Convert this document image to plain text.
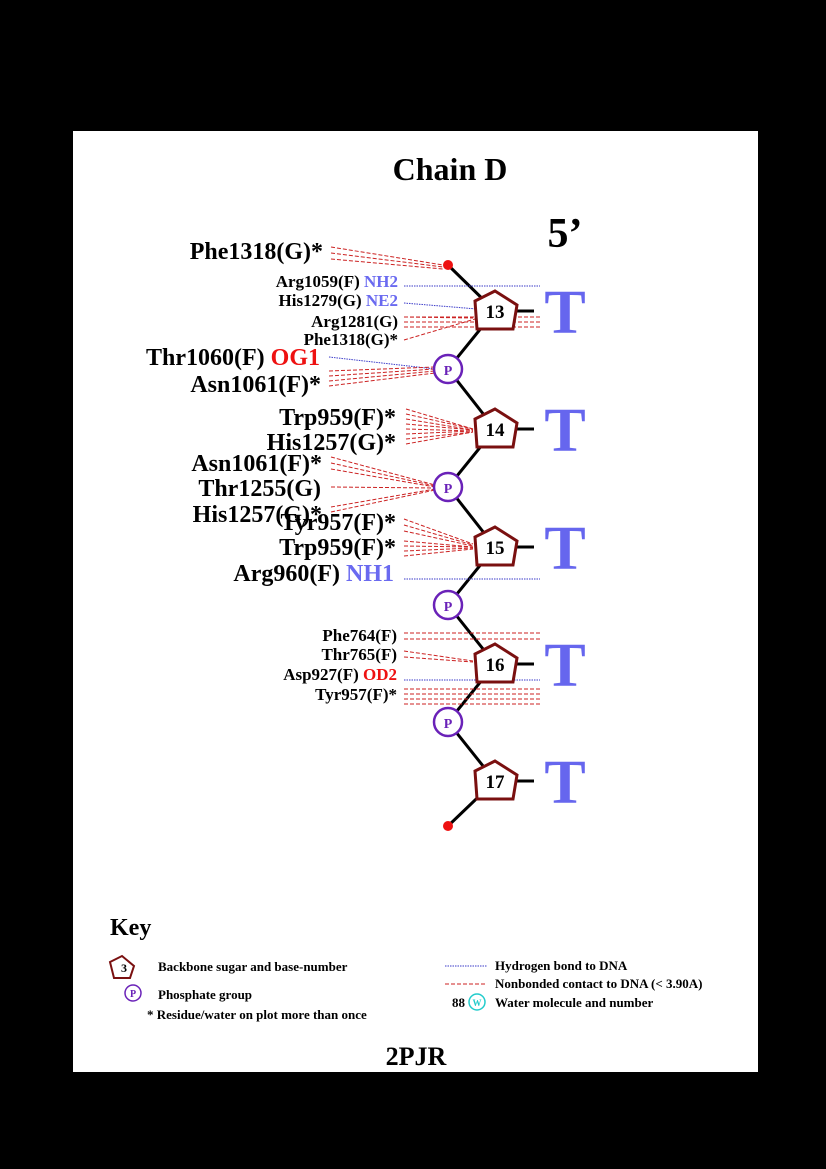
Chain D
5’
13
14
15
16
17
P
P
P
P
T
T
T
T
T
Phe1318(G)*
Arg1059(F) NH2
His1279(G) NE2
Arg1281(G)
Phe1318(G)*
Thr1060(F) OG1
Asn1061(F)*
Trp959(F)*
His1257(G)*
Asn1061(F)*
Thr1255(G)
His1257(G)*
Tyr957(F)*
Trp959(F)*
Arg960(F) NH1
Phe764(F)
Thr765(F)
Asp927(F) OD2
Tyr957(F)*
Key
3 Backbone sugar and base-number
P Phosphate group
* Residue/water on plot more than once
Hydrogen bond to DNA
Nonbonded contact to DNA (< 3.90A)
88 W Water molecule and number
2PJR
